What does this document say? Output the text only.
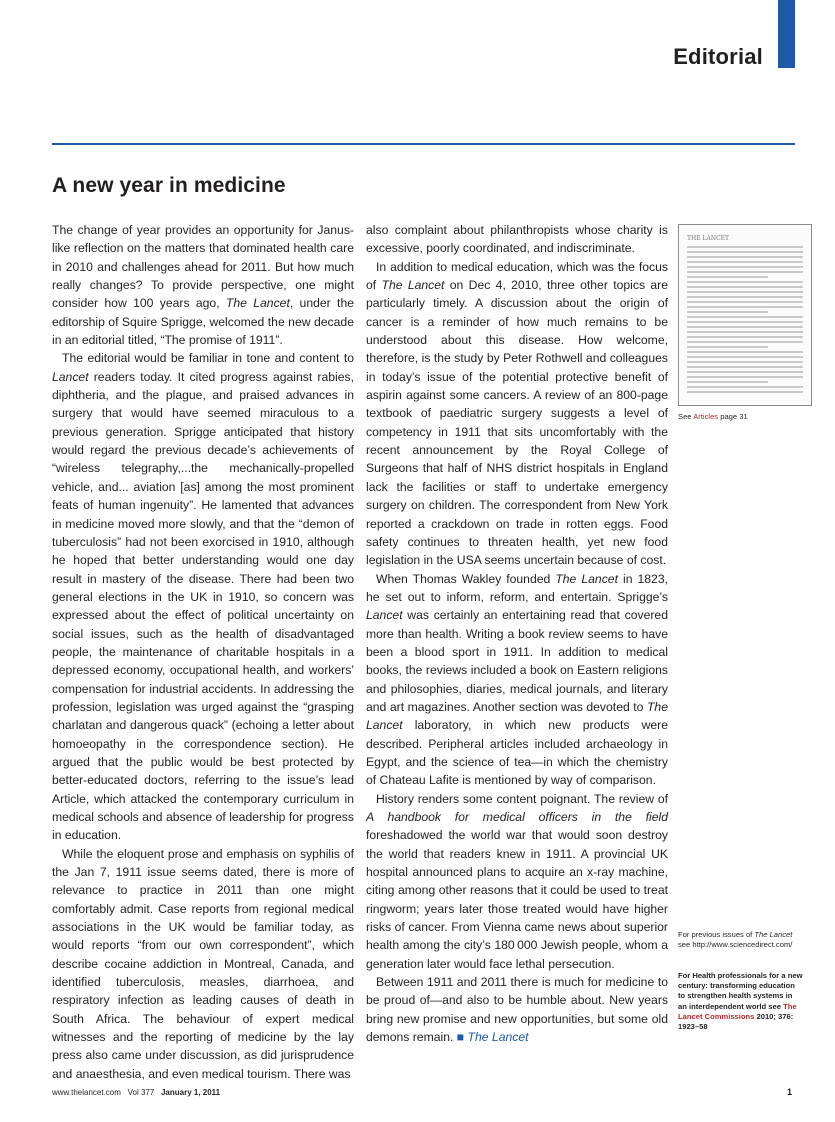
Editorial
A new year in medicine

The change of year provides an opportunity for Janus-like reflection on the matters that dominated health care in 2010 and challenges ahead for 2011. But how much really changes? To provide perspective, one might consider how 100 years ago, The Lancet, under the editorship of Squire Sprigge, welcomed the new decade in an editorial titled, “The promise of 1911”.

The editorial would be familiar in tone and content to Lancet readers today. It cited progress against rabies, diphtheria, and the plague, and praised advances in surgery that would have seemed miraculous to a previous generation. Sprigge anticipated that history would regard the previous decade’s achievements of “wireless telegraphy,...the mechanically-propelled vehicle, and... aviation [as] among the most prominent feats of human ingenuity”. He lamented that advances in medicine moved more slowly, and that the “demon of tuberculosis” had not been exorcised in 1910, although he hoped that better understanding would one day result in mastery of the disease. There had been two general elections in the UK in 1910, so concern was expressed about the effect of political uncertainty on social issues, such as the health of disadvantaged people, the maintenance of charitable hospitals in a depressed economy, occupational health, and workers’ compensation for industrial accidents. In addressing the profession, legislation was urged against the “grasping charlatan and dangerous quack” (echoing a letter about homoeopathy in the correspondence section). He argued that the public would be best protected by better-educated doctors, referring to the issue’s lead Article, which attacked the contemporary curriculum in medical schools and absence of leadership for progress in education.

While the eloquent prose and emphasis on syphilis of the Jan 7, 1911 issue seems dated, there is more of relevance to practice in 2011 than one might comfortably admit. Case reports from regional medical associations in the UK would be familiar today, as would reports “from our own correspondent”, which describe cocaine addiction in Montreal, Canada, and identified tuberculosis, measles, diarrhoea, and respiratory infection as leading causes of death in South Africa. The behaviour of expert medical witnesses and the reporting of medicine by the lay press also came under discussion, as did jurisprudence and anaesthesia, and even medical tourism. There was

also complaint about philanthropists whose charity is excessive, poorly coordinated, and indiscriminate.

In addition to medical education, which was the focus of The Lancet on Dec 4, 2010, three other topics are particularly timely. A discussion about the origin of cancer is a reminder of how much remains to be understood about this disease. How welcome, therefore, is the study by Peter Rothwell and colleagues in today’s issue of the potential protective benefit of aspirin against some cancers. A review of an 800-page textbook of paediatric surgery suggests a level of competency in 1911 that sits uncomfortably with the recent announcement by the Royal College of Surgeons that half of NHS district hospitals in England lack the facilities or staff to undertake emergency surgery on children. The correspondent from New York reported a crackdown on trade in rotten eggs. Food safety continues to threaten health, yet new food legislation in the USA seems uncertain because of cost.

When Thomas Wakley founded The Lancet in 1823, he set out to inform, reform, and entertain. Sprigge’s Lancet was certainly an entertaining read that covered more than health. Writing a book review seems to have been a blood sport in 1911. In addition to medical books, the reviews included a book on Eastern religions and philosophies, diaries, medical journals, and literary and art magazines. Another section was devoted to The Lancet laboratory, in which new products were described. Peripheral articles included archaeology in Egypt, and the science of tea—in which the chemistry of Chateau Lafite is mentioned by way of comparison.

History renders some content poignant. The review of A handbook for medical officers in the field foreshadowed the world war that would soon destroy the world that readers knew in 1911. A provincial UK hospital announced plans to acquire an x-ray machine, citing among other reasons that it could be used to treat ringworm; years later those treated would have higher risks of cancer. From Vienna came news about superior health among the city’s 180 000 Jewish people, whom a generation later would face lethal persecution.

Between 1911 and 2011 there is much for medicine to be proud of—and also to be humble about. New years bring new promise and new opportunities, but some old demons remain. ■ The Lancet

THE LANCET
See Articles page 31
For previous issues of The Lancet see http://www.sciencedirect.com/
For Health professionals for a new century: transforming education to strengthen health systems in an interdependent world see The Lancet Commissions 2010; 376: 1923–58
www.thelancet.com Vol 377 January 1, 2011	1
